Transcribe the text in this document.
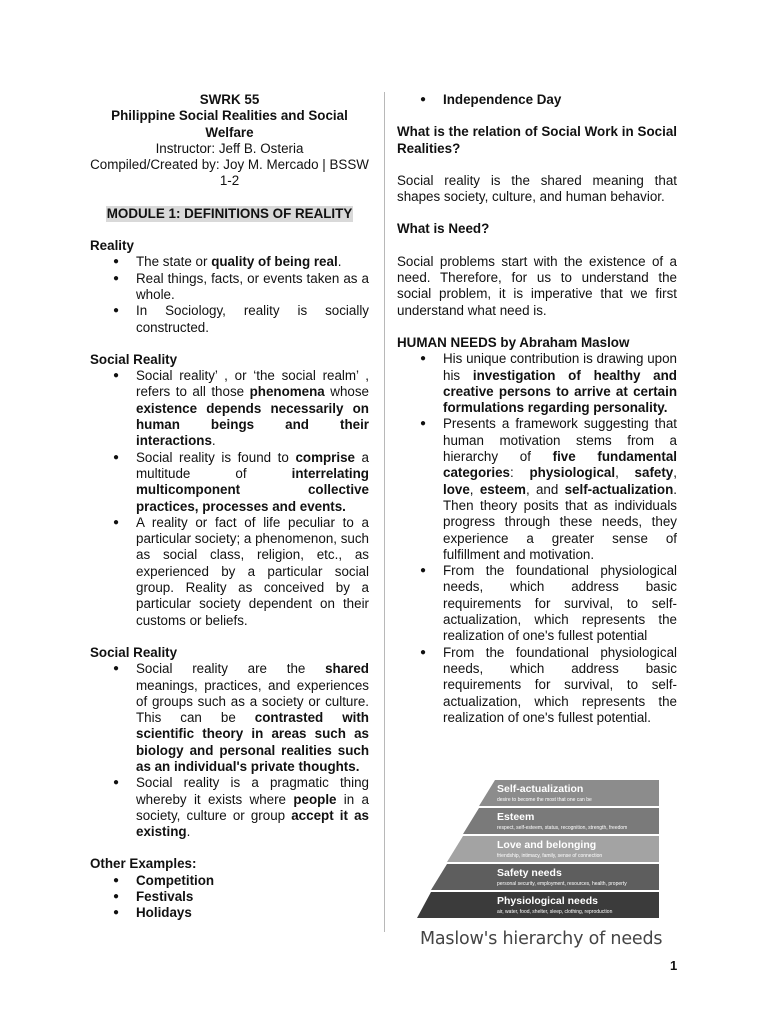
SWRK 55
Philippine Social Realities and Social Welfare
Instructor: Jeff B. Osteria
Compiled/Created by: Joy M. Mercado | BSSW 1-2
MODULE 1: DEFINITIONS OF REALITY
Reality
● The state or quality of being real.
● Real things, facts, or events taken as a whole.
● In Sociology, reality is socially constructed.
Social Reality
● Social reality’ , or ‘the social realm’ , refers to all those phenomena whose existence depends necessarily on human beings and their interactions.
● Social reality is found to comprise a multitude of interrelating multicomponent collective practices, processes and events.
● A reality or fact of life peculiar to a particular society; a phenomenon, such as social class, religion, etc., as experienced by a particular social group. Reality as conceived by a particular society dependent on their customs or beliefs.
Social Reality
● Social reality are the shared meanings, practices, and experiences of groups such as a society or culture. This can be contrasted with scientific theory in areas such as biology and personal realities such as an individual's private thoughts.
● Social reality is a pragmatic thing whereby it exists where people in a society, culture or group accept it as existing.
Other Examples:
● Competition
● Festivals
● Holidays
● Independence Day

What is the relation of Social Work in Social Realities?

Social reality is the shared meaning that shapes society, culture, and human behavior.

What is Need?

Social problems start with the existence of a need. Therefore, for us to understand the social problem, it is imperative that we first understand what need is.

HUMAN NEEDS by Abraham Maslow

● His unique contribution is drawing upon his investigation of healthy and creative persons to arrive at certain formulations regarding personality.
● Presents a framework suggesting that human motivation stems from a hierarchy of five fundamental categories: physiological, safety, love, esteem, and self-actualization. Then theory posits that as individuals progress through these needs, they experience a greater sense of fulfillment and motivation.
● From the foundational physiological needs, which address basic requirements for survival, to self-actualization, which represents the realization of one's fullest potential
● From the foundational physiological needs, which address basic requirements for survival, to self-actualization, which represents the realization of one's fullest potential.
Self-actualization
desire to become the most that one can be
Esteem
respect, self-esteem, status, recognition, strength, freedom
Love and belonging
friendship, intimacy, family, sense of connection
Safety needs
personal security, employment, resources, health, property
Physiological needs
air, water, food, shelter, sleep, clothing, reproduction
Maslow's hierarchy of needs
1
